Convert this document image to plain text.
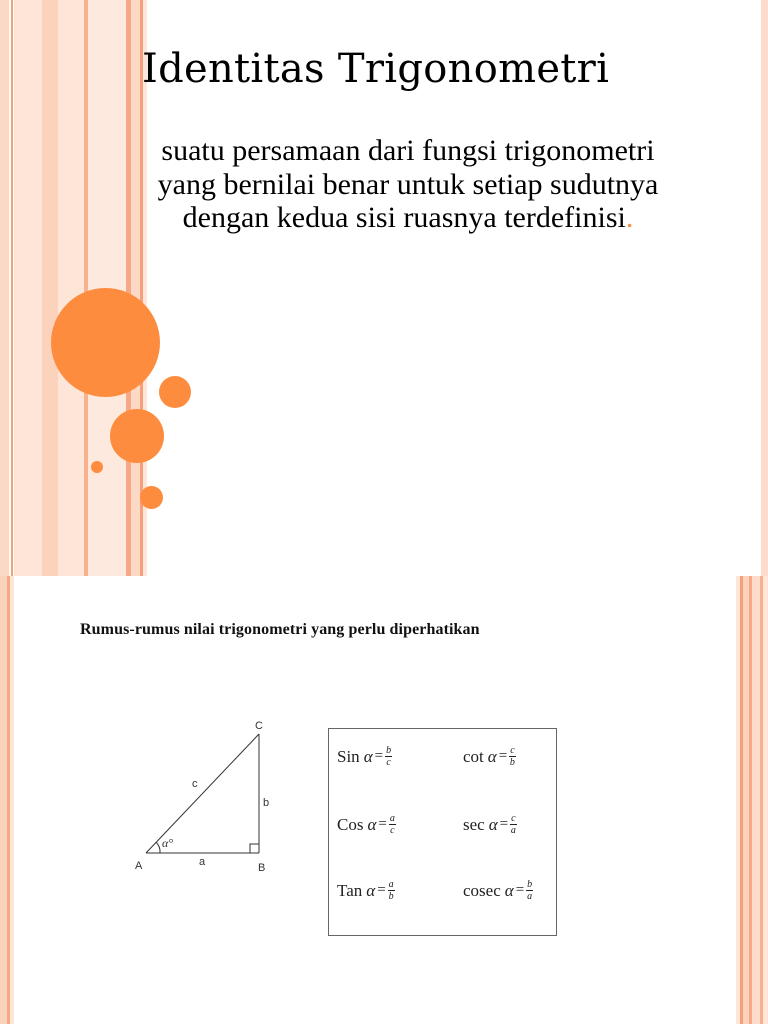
Identitas Trigonometri

suatu persamaan dari fungsi trigonometri yang bernilai benar untuk setiap sudutnya dengan kedua sisi ruasnya terdefinisi.

Rumus-rumus nilai trigonometri yang perlu diperhatikan

A	B
C
a
b
c
α°
Sin $\alpha = \frac{b}{c}$	$\cot \alpha = \frac{c}{b}$
Cos $\alpha = \frac{a}{c}$	$\sec \alpha = \frac{c}{a}$
Tan $\alpha = \frac{a}{b}$	cosec $\alpha = \frac{b}{a}$
